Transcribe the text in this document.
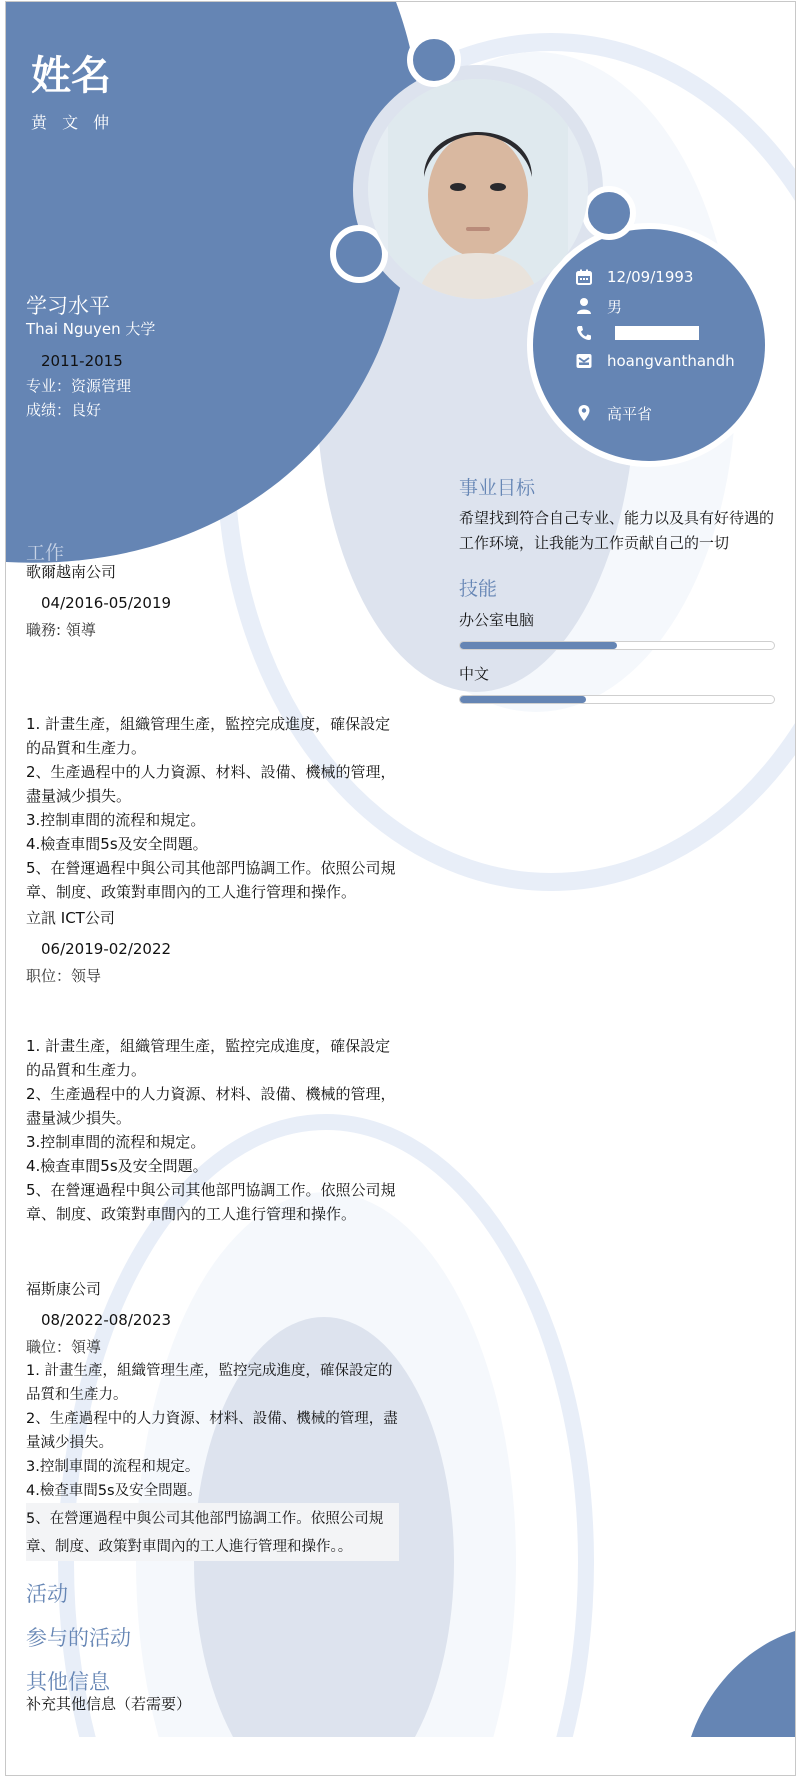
姓名
黄 文 伸
学习水平
Thai Nguyen 大学
2011-2015
专业：资源管理
成绩：良好
12/09/1993
男
hoangvanthandh
高平省
事业目标
希望找到符合自己专业、能力以及具有好待遇的工作环境，让我能为工作贡献自己的一切
技能
办公室电脑
中文
工作
歌爾越南公司
04/2016-05/2019
職務: 領導
1. 計畫生產，組織管理生產，監控完成進度，確保設定的品質和生產力。
2、生產過程中的人力資源、材料、設備、機械的管理，盡量減少損失。
3.控制車間的流程和規定。
4.檢查車間5s及安全問題。
5、在營運過程中與公司其他部門協調工作。依照公司規章、制度、政策對車間內的工人進行管理和操作。
立訊 ICT公司
06/2019-02/2022
职位：领导
1. 計畫生產，組織管理生產，監控完成進度，確保設定的品質和生產力。
2、生產過程中的人力資源、材料、設備、機械的管理，盡量減少損失。
3.控制車間的流程和規定。
4.檢查車間5s及安全問題。
5、在營運過程中與公司其他部門協調工作。依照公司規章、制度、政策對車間內的工人進行管理和操作。
福斯康公司
08/2022-08/2023
職位：領導
1. 計畫生產，組織管理生產，監控完成進度，確保設定的品質和生產力。
2、生產過程中的人力資源、材料、設備、機械的管理，盡量減少損失。
3.控制車間的流程和規定。
4.檢查車間5s及安全問題。
5、在營運過程中與公司其他部門協調工作。依照公司規章、制度、政策對車間內的工人進行管理和操作。。
活动
参与的活动
其他信息
补充其他信息（若需要）
